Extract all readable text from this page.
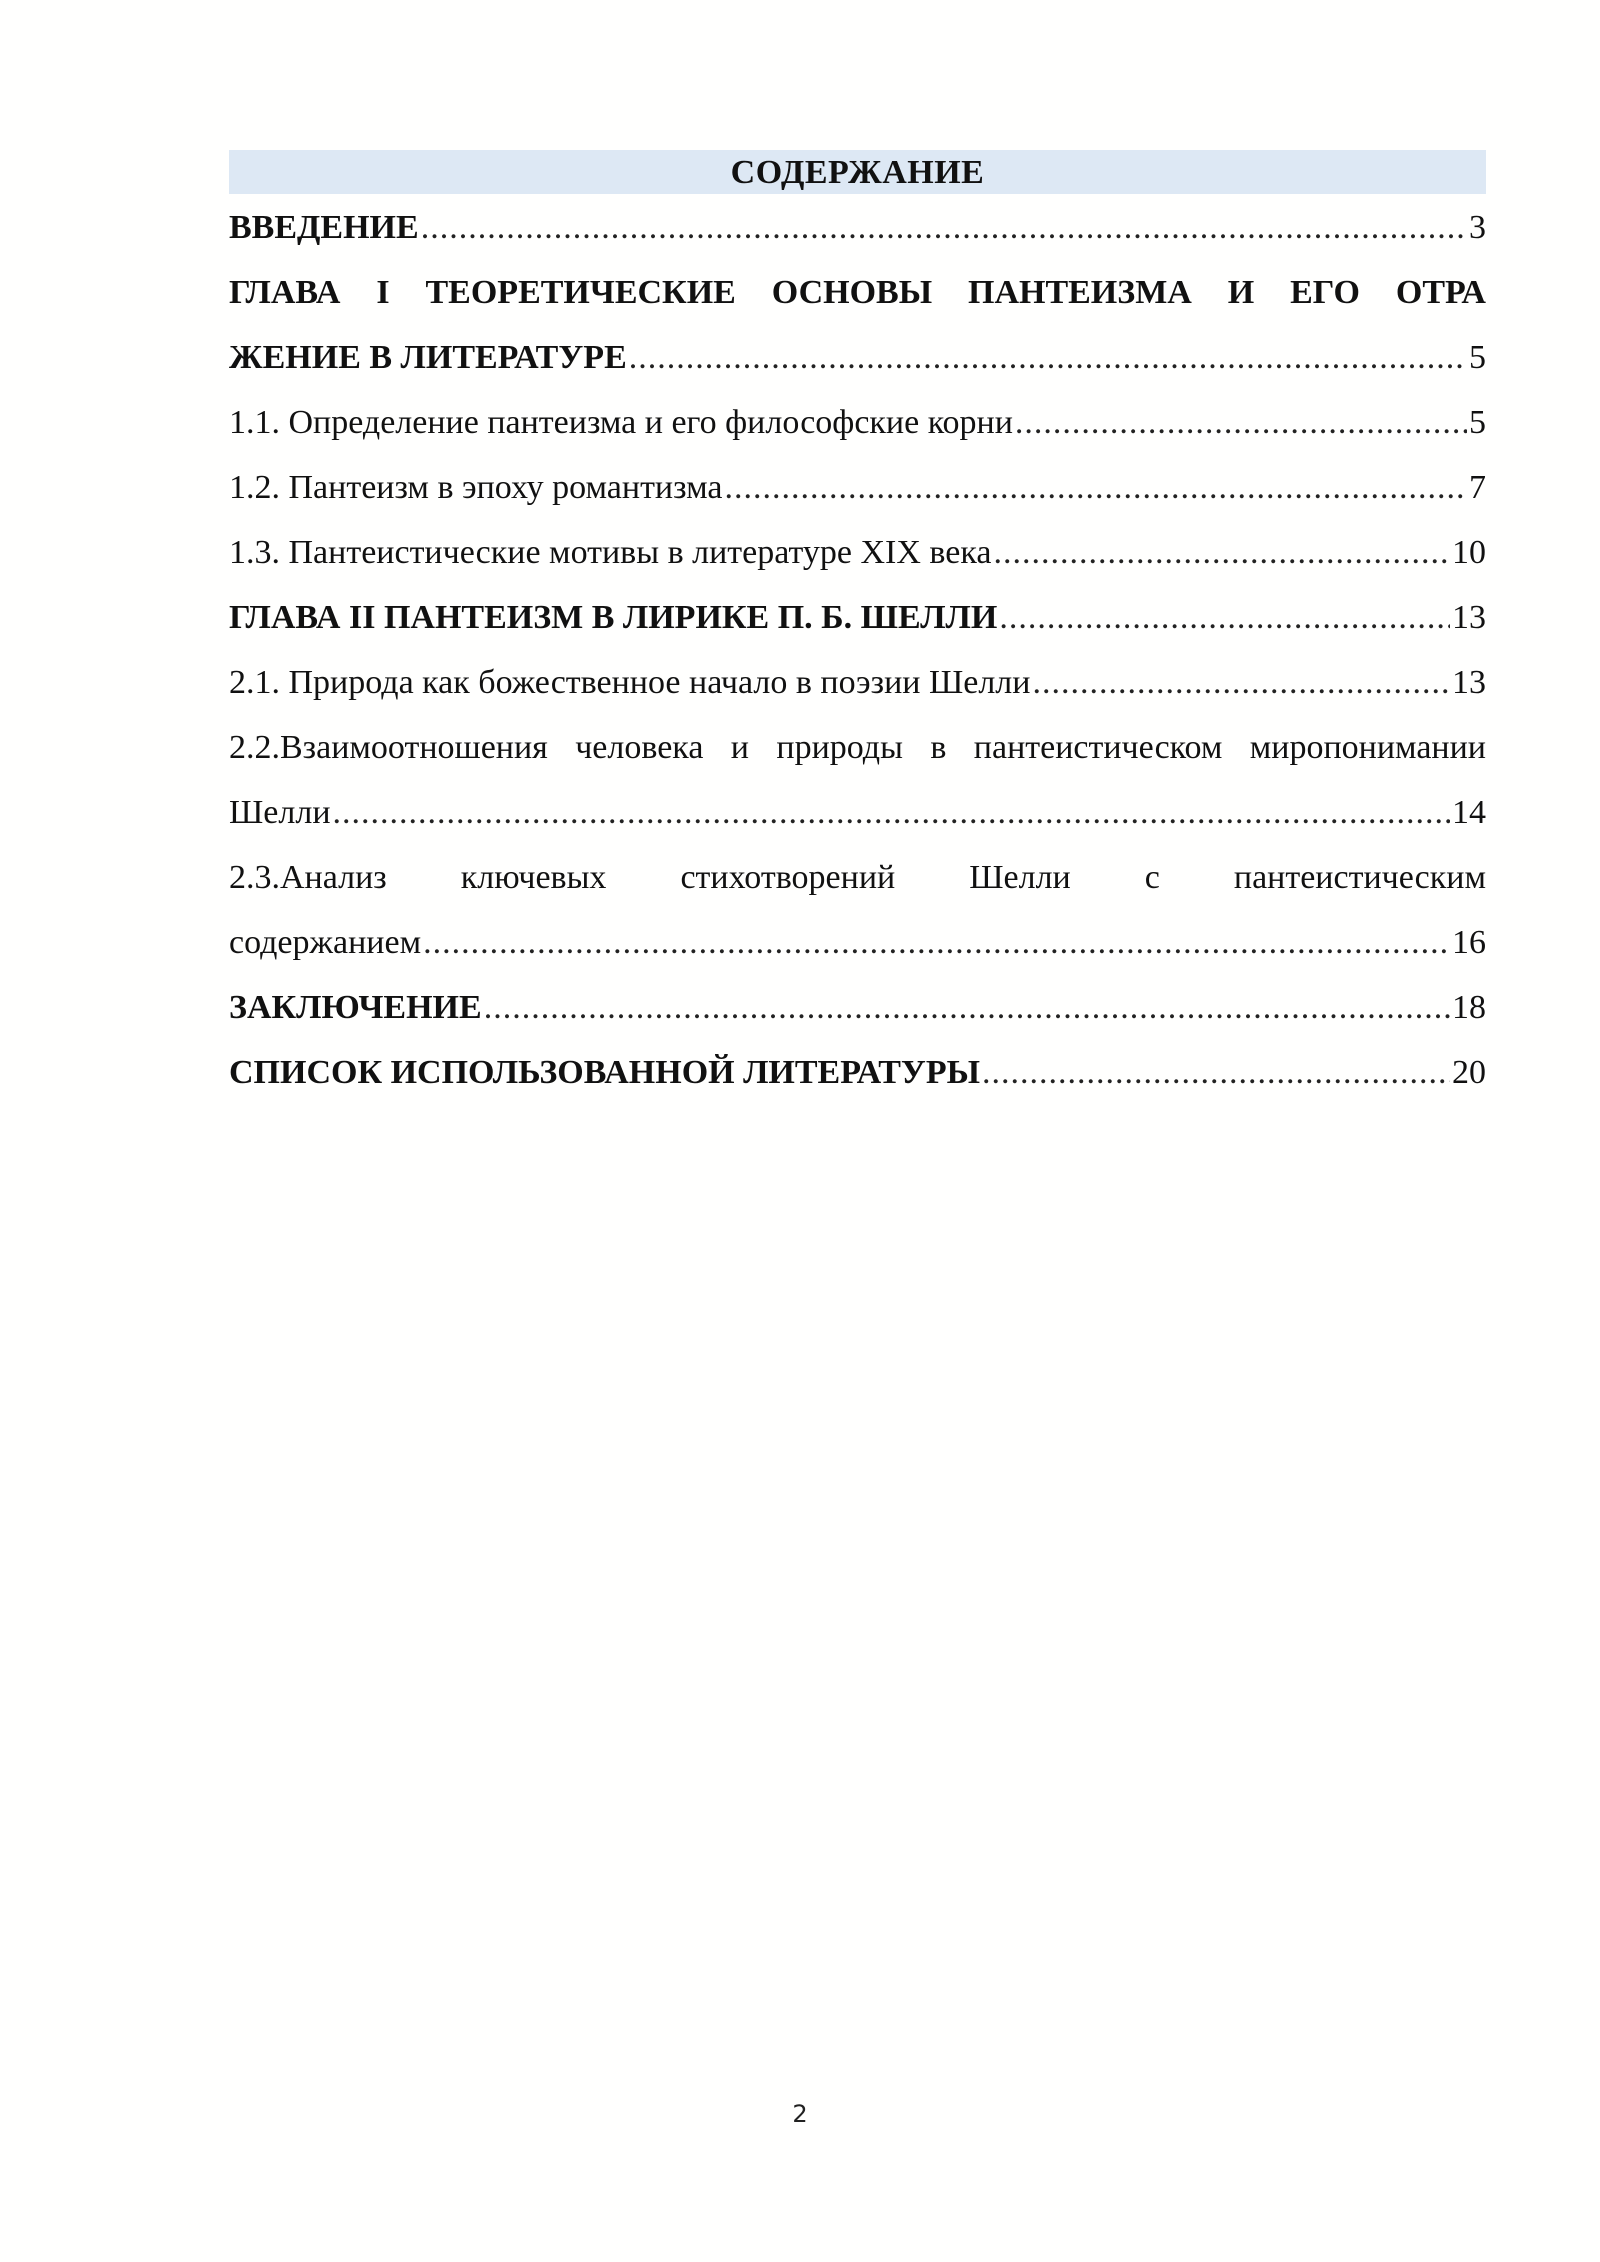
СОДЕРЖАНИЕ
ВВЕДЕНИЕ .....	3
ГЛАВА I ТЕОРЕТИЧЕСКИЕ ОСНОВЫ ПАНТЕИЗМА И ЕГО ОТРА
ЖЕНИЕ В ЛИТЕРАТУРЕ .....	5
1.1. Определение пантеизма и его философские корни .....	5
1.2. Пантеизм в эпоху романтизма .....	7
1.3. Пантеистические мотивы в литературе XIX века .....	10
ГЛАВА II ПАНТЕИЗМ В ЛИРИКЕ П. Б. ШЕЛЛИ .....	13
2.1. Природа как божественное начало в поэзии Шелли .....	13
2.2.Взаимоотношения человека и природы в пантеистическом миропонимании
Шелли .....	14
2.3.Анализ ключевых стихотворений Шелли с пантеистическим
содержанием .....	16
ЗАКЛЮЧЕНИЕ .....	18
СПИСОК ИСПОЛЬЗОВАННОЙ ЛИТЕРАТУРЫ .....	20
2
